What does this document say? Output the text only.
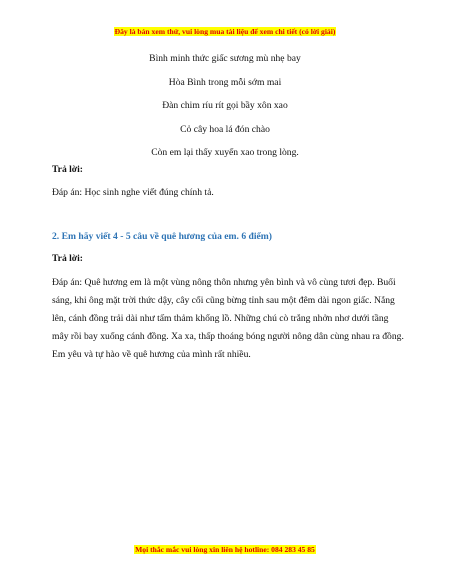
Đây là bản xem thử, vui lòng mua tài liệu để xem chi tiết (có lời giải)
Bình minh thức giấc sương mù nhẹ bay
Hòa Bình trong mỗi sớm mai
Đàn chim ríu rít gọi bầy xôn xao
Cỏ cây hoa lá đón chào
Còn em lại thấy xuyến xao trong lòng.
Trả lời:
Đáp án: Học sinh nghe viết đúng chính tả.
2. Em hãy viết 4 - 5 câu về quê hương của em. 6 điểm)
Trả lời:
Đáp án: Quê hương em là một vùng nông thôn nhưng yên bình và vô cùng tươi đẹp. Buổi sáng, khi ông mặt trời thức dậy, cây cối cũng bừng tỉnh sau một đêm dài ngon giấc. Nắng lên, cánh đồng trải dài như tấm thảm khổng lồ. Những chú cò trắng nhởn nhơ dưới tầng mây rồi bay xuống cánh đồng. Xa xa, thấp thoáng bóng người nông dân cùng nhau ra đồng. Em yêu và tự hào về quê hương của mình rất nhiều.
Mọi thắc mắc vui lòng xin liên hệ hotline: 084 283 45 85
